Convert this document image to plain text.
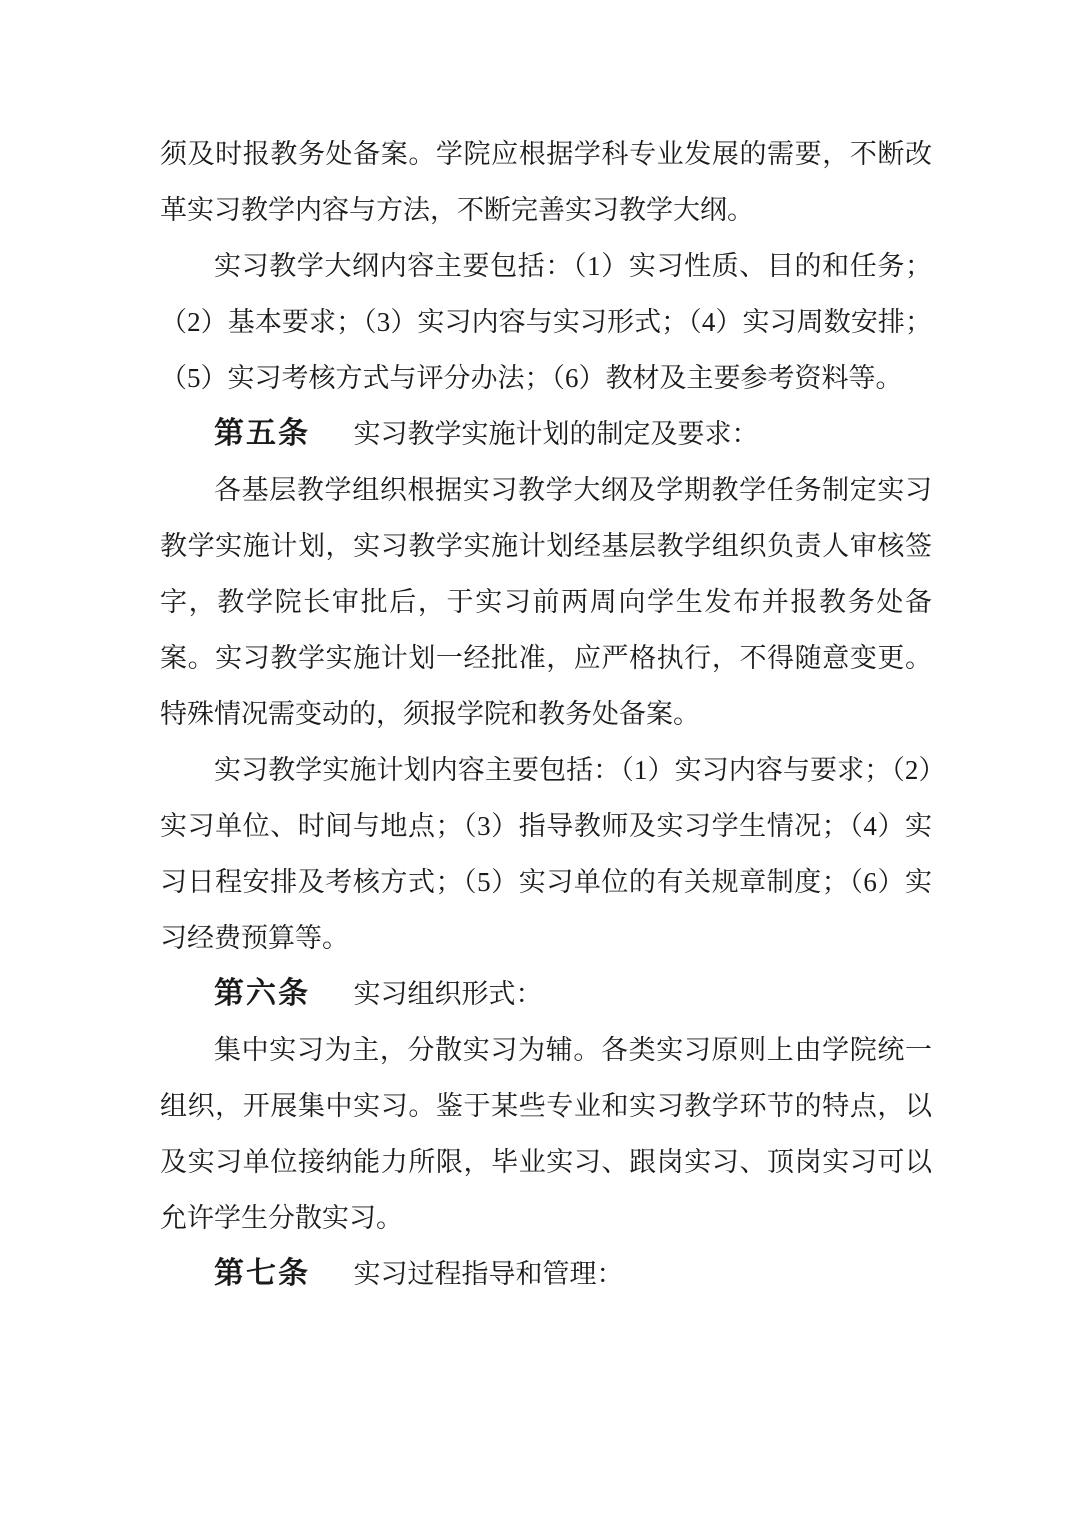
须及时报教务处备案。学院应根据学科专业发展的需要，不断改革实习教学内容与方法，不断完善实习教学大纲。

实习教学大纲内容主要包括：（1）实习性质、目的和任务；（2）基本要求；（3）实习内容与实习形式；（4）实习周数安排；（5）实习考核方式与评分办法；（6）教材及主要参考资料等。

第五条 实习教学实施计划的制定及要求：

各基层教学组织根据实习教学大纲及学期教学任务制定实习教学实施计划，实习教学实施计划经基层教学组织负责人审核签字，教学院长审批后，于实习前两周向学生发布并报教务处备案。实习教学实施计划一经批准，应严格执行，不得随意变更。特殊情况需变动的，须报学院和教务处备案。

实习教学实施计划内容主要包括：（1）实习内容与要求；（2）实习单位、时间与地点；（3）指导教师及实习学生情况；（4）实习日程安排及考核方式；（5）实习单位的有关规章制度；（6）实习经费预算等。

第六条 实习组织形式：

集中实习为主，分散实习为辅。各类实习原则上由学院统一组织，开展集中实习。鉴于某些专业和实习教学环节的特点，以及实习单位接纳能力所限，毕业实习、跟岗实习、顶岗实习可以允许学生分散实习。

第七条 实习过程指导和管理：
